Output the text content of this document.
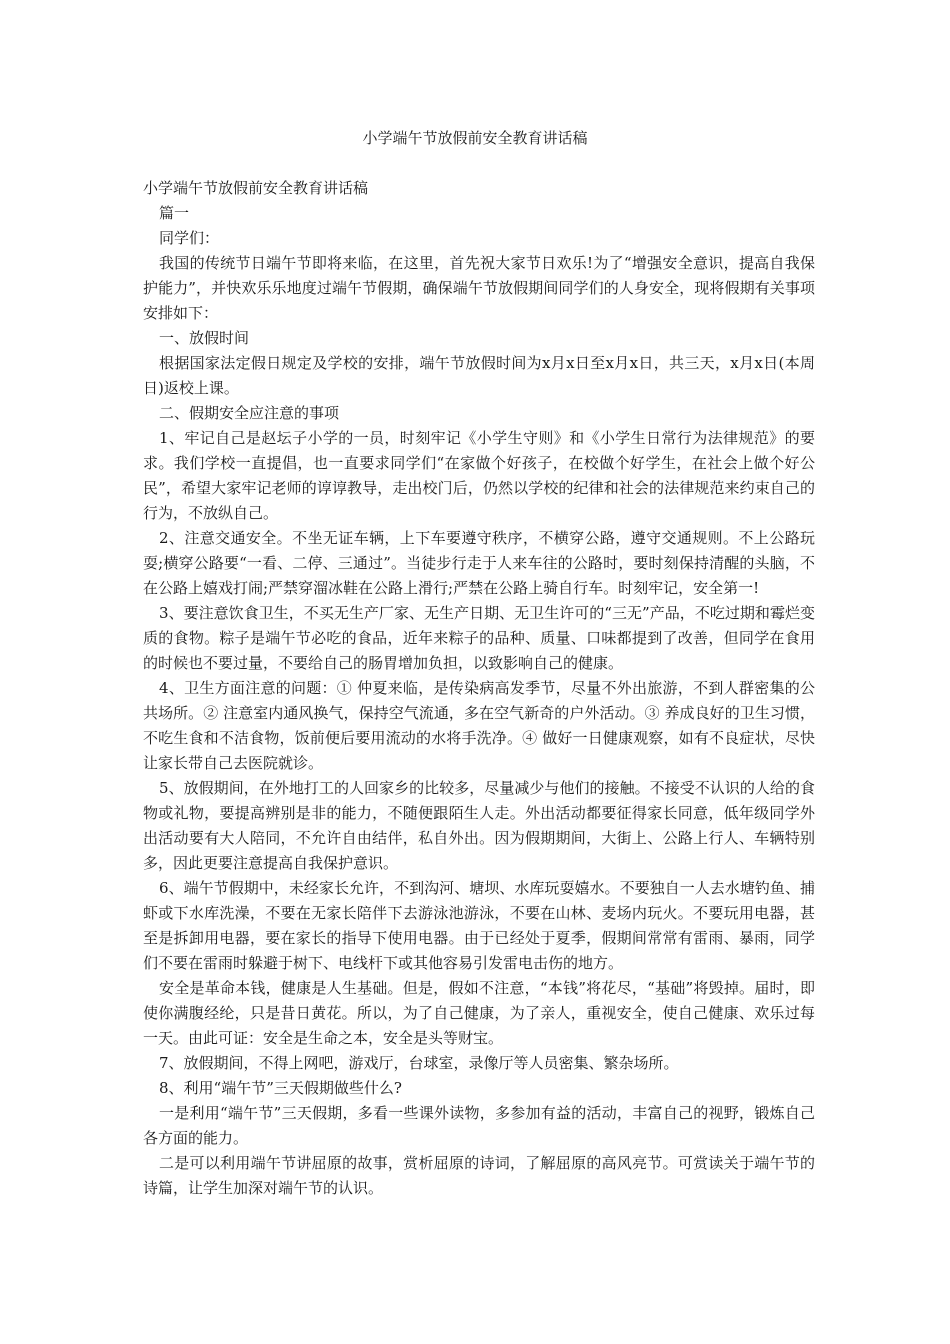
小学端午节放假前安全教育讲话稿

小学端午节放假前安全教育讲话稿

篇一

同学们：

我国的传统节日端午节即将来临，在这里，首先祝大家节日欢乐!为了“增强安全意识，提高自我保护能力”，并快欢乐乐地度过端午节假期，确保端午节放假期间同学们的人身安全，现将假期有关事项安排如下：

一、放假时间

根据国家法定假日规定及学校的安排，端午节放假时间为x月x日至x月x日，共三天，x月x日(本周日)返校上课。

二、假期安全应注意的事项

1、牢记自己是赵坛子小学的一员，时刻牢记《小学生守则》和《小学生日常行为法律规范》的要求。我们学校一直提倡，也一直要求同学们“在家做个好孩子，在校做个好学生，在社会上做个好公民”，希望大家牢记老师的谆谆教导，走出校门后，仍然以学校的纪律和社会的法律规范来约束自己的行为，不放纵自己。

2、注意交通安全。不坐无证车辆，上下车要遵守秩序，不横穿公路，遵守交通规则。不上公路玩耍;横穿公路要“一看、二停、三通过”。当徒步行走于人来车往的公路时，要时刻保持清醒的头脑，不在公路上嬉戏打闹;严禁穿溜冰鞋在公路上滑行;严禁在公路上骑自行车。时刻牢记，安全第一!

3、要注意饮食卫生，不买无生产厂家、无生产日期、无卫生许可的“三无”产品，不吃过期和霉烂变质的食物。粽子是端午节必吃的食品，近年来粽子的品种、质量、口味都提到了改善，但同学在食用的时候也不要过量，不要给自己的肠胃增加负担，以致影响自己的健康。

4、卫生方面注意的问题：① 仲夏来临，是传染病高发季节，尽量不外出旅游，不到人群密集的公共场所。② 注意室内通风换气，保持空气流通，多在空气新奇的户外活动。③ 养成良好的卫生习惯，不吃生食和不洁食物，饭前便后要用流动的水将手洗净。④ 做好一日健康观察，如有不良症状，尽快让家长带自己去医院就诊。

5、放假期间，在外地打工的人回家乡的比较多，尽量减少与他们的接触。不接受不认识的人给的食物或礼物，要提高辨别是非的能力，不随便跟陌生人走。外出活动都要征得家长同意，低年级同学外出活动要有大人陪同，不允许自由结伴，私自外出。因为假期期间，大街上、公路上行人、车辆特别多，因此更要注意提高自我保护意识。

6、端午节假期中，未经家长允许，不到沟河、塘坝、水库玩耍嬉水。不要独自一人去水塘钓鱼、捕虾或下水库洗澡，不要在无家长陪伴下去游泳池游泳，不要在山林、麦场内玩火。不要玩用电器，甚至是拆卸用电器，要在家长的指导下使用电器。由于已经处于夏季，假期间常常有雷雨、暴雨，同学们不要在雷雨时躲避于树下、电线杆下或其他容易引发雷电击伤的地方。

安全是革命本钱，健康是人生基础。但是，假如不注意，“本钱”将花尽，“基础”将毁掉。届时，即使你满腹经纶，只是昔日黄花。所以，为了自己健康，为了亲人，重视安全，使自己健康、欢乐过每一天。由此可证：安全是生命之本，安全是头等财宝。

7、放假期间，不得上网吧，游戏厅，台球室，录像厅等人员密集、繁杂场所。

8、利用“端午节”三天假期做些什么?

一是利用“端午节”三天假期，多看一些课外读物，多参加有益的活动，丰富自己的视野，锻炼自己各方面的能力。

二是可以利用端午节讲屈原的故事，赏析屈原的诗词，了解屈原的高风亮节。可赏读关于端午节的诗篇，让学生加深对端午节的认识。
